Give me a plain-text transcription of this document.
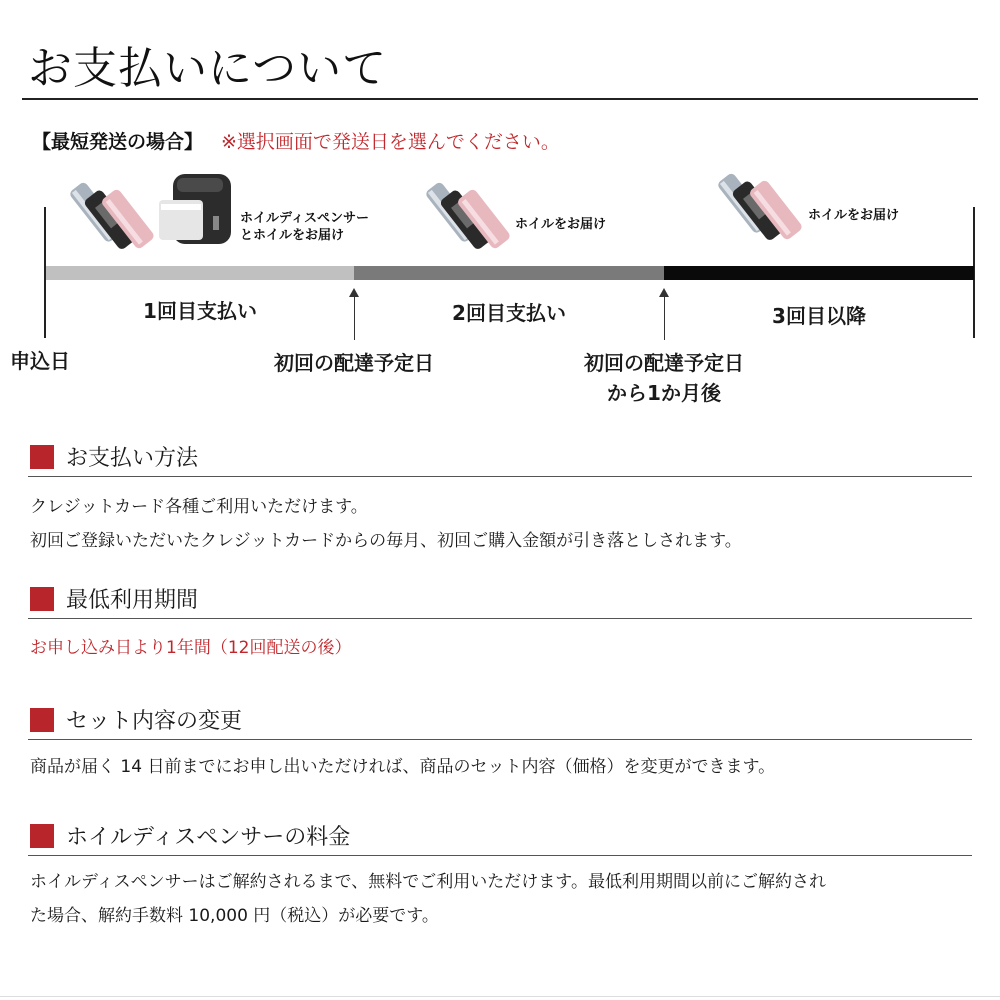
お支払いについて
【最短発送の場合】 ※選択画面で発送日を選んでください。
1回目支払い	2回目支払い	3回目以降
申込日	初回の配達予定日	初回の配達予定日
から1か月後
ホイルディスペンサー
とホイルをお届け
ホイルをお届け
ホイルをお届け
お支払い方法
クレジットカード各種ご利用いただけます。
初回ご登録いただいたクレジットカードからの毎月、初回ご購入金額が引き落としされます。
最低利用期間
お申し込み日より1年間（12回配送の後）
セット内容の変更
商品が届く 14 日前までにお申し出いただければ、商品のセット内容（価格）を変更ができます。
ホイルディスペンサーの料金
ホイルディスペンサーはご解約されるまで、無料でご利用いただけます。最低利用期間以前にご解約され
た場合、解約手数料 10,000 円（税込）が必要です。
